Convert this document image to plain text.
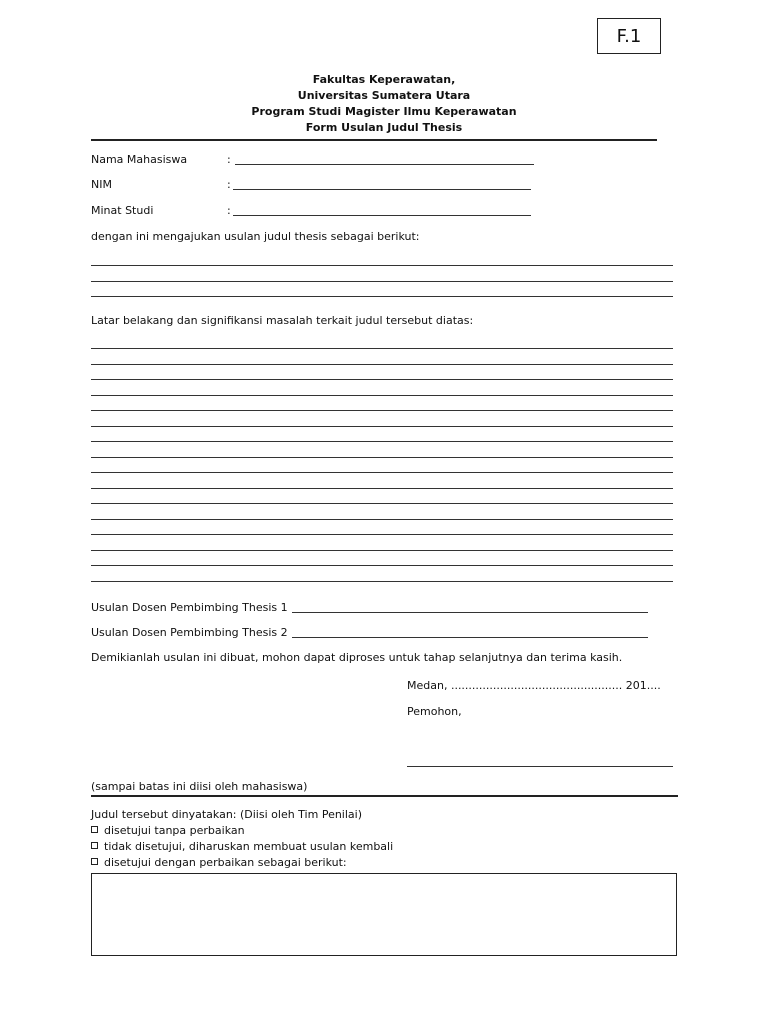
F.1
Fakultas Keperawatan,
Universitas Sumatera Utara
Program Studi Magister Ilmu Keperawatan
Form Usulan Judul Thesis
Nama Mahasiswa	:
NIM	:
Minat Studi	:
dengan ini mengajukan usulan judul thesis sebagai berikut:
Latar belakang dan signifikansi masalah terkait judul tersebut diatas:
Usulan Dosen Pembimbing Thesis 1
Usulan Dosen Pembimbing Thesis 2
Demikianlah usulan ini dibuat, mohon dapat diproses untuk tahap selanjutnya dan terima kasih.
Medan, ................................................. 201....
Pemohon,
(sampai batas ini diisi oleh mahasiswa)
Judul tersebut dinyatakan: (Diisi oleh Tim Penilai)
disetujui tanpa perbaikan
tidak disetujui, diharuskan membuat usulan kembali
disetujui dengan perbaikan sebagai berikut:
